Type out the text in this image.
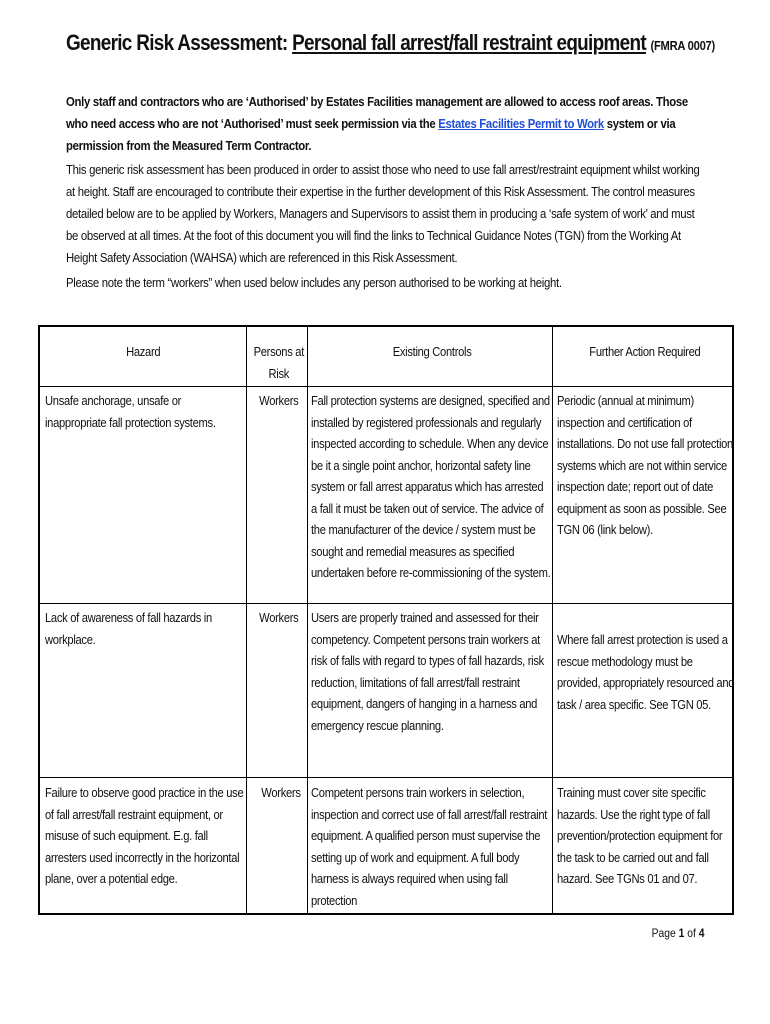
Generic Risk Assessment: Personal fall arrest/fall restraint equipment (FMRA 0007)
Only staff and contractors who are ‘Authorised’ by Estates Facilities management are allowed to access roof areas. Those who need access who are not ‘Authorised’ must seek permission via the Estates Facilities Permit to Work system or via permission from the Measured Term Contractor.
This generic risk assessment has been produced in order to assist those who need to use fall arrest/restraint equipment whilst working at height. Staff are encouraged to contribute their expertise in the further development of this Risk Assessment. The control measures detailed below are to be applied by Workers, Managers and Supervisors to assist them in producing a ‘safe system of work’ and must be observed at all times. At the foot of this document you will find the links to Technical Guidance Notes (TGN) from the Working At Height Safety Association (WAHSA) which are referenced in this Risk Assessment.
Please note the term “workers” when used below includes any person authorised to be working at height.
Hazard	Persons at Risk
Existing Controls	Further Action Required
Unsafe anchorage, unsafe or inappropriate fall protection systems.
Workers Fall protection systems are designed, specified and installed by registered professionals and regularly inspected according to schedule. When any device be it a single point anchor, horizontal safety line system or fall arrest apparatus which has arrested a fall it must be taken out of service. The advice of the manufacturer of the device / system must be sought and remedial measures as specified undertaken before re-commissioning of the system.
Periodic (annual at minimum) inspection and certification of installations. Do not use fall protection systems which are not within service inspection date; report out of date equipment as soon as possible. See TGN 06 (link below).
Lack of awareness of fall hazards in workplace.
Workers Users are properly trained and assessed for their competency. Competent persons train workers at risk of falls with regard to types of fall hazards, risk reduction, limitations of fall arrest/fall restraint equipment, dangers of hanging in a harness and emergency rescue planning.
Where fall arrest protection is used a rescue methodology must be provided, appropriately resourced and task / area specific. See TGN 05.
Failure to observe good practice in the use of fall arrest/fall restraint equipment, or misuse of such equipment. E.g. fall arresters used incorrectly in the horizontal plane, over a potential edge.
Workers Competent persons train workers in selection, inspection and correct use of fall arrest/fall restraint equipment. A qualified person must supervise the setting up of work and equipment. A full body harness is always required when using fall protection
Training must cover site specific hazards. Use the right type of fall prevention/protection equipment for the task to be carried out and fall hazard. See TGNs 01 and 07.
Page 1 of 4
